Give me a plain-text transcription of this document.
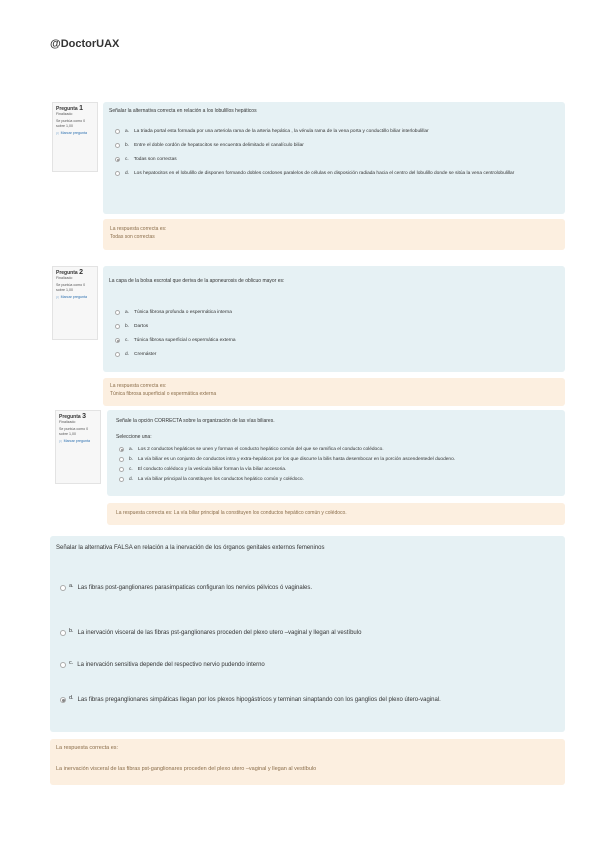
@DoctorUAX
Pregunta 1
Finalizado
Se puntúa como 0 sobre 1,00
⚐ Marcar pregunta
Señalar la alternativa correcta en relación a los lobulillos hepáticos
a. La triada portal esta formada por una arteriola rama de la arteria hepática , la vénula rama de la vena porta y conductillo biliar interlobulillar
b. Entre el doble cordón de hepatocitos se encuentra delimitado el canalículo biliar
c. Todas son correctas
d. Los hepatocitos en el lobulillo de disponen formando dobles cordones paralelos de células en disposición radiada hacia el centro del lobulillo donde se sitúa la vena centrolobulillar
La respuesta correcta es:
Todas son correctas
Pregunta 2
Finalizado
Se puntúa como 0 sobre 1,00
⚐ Marcar pregunta
La capa de la bolsa escrotal que deriva de la aponeurosis de oblicuo mayor es:
a. Túnica fibrosa profunda o espermática interna
b. Dartos
c. Túnica fibrosa superficial o espermática externa
d. Cremáster
La respuesta correcta es:
Túnica fibrosa superficial o espermática externa
Pregunta 3
Finalizado
Se puntúa como 0 sobre 1,00
⚐ Marcar pregunta
Señale la opción CORRECTA sobre la organización de las vías biliares.
Seleccione una:
a. Los 2 conductos hepáticos se unen y forman el conducto hepático común del que se ramifica el conducto colédoco.
b. La vía biliar es un conjunto de conductos intra y extra-hepáticos por los que discurre la bilis hasta desembocar en la porción ascendentedel duodeno.
c. El conducto colédoco y la vesícula biliar forman la vía biliar accesoria.
d. La vía biliar principal la constituyen los conductos hepático común y colédoco.
La respuesta correcta es: La vía biliar principal la constituyen los conductos hepático común y colédoco.
Señalar la alternativa FALSA en relación a la inervación de los órganos genitales externos femeninos
a. Las fibras post-ganglionares parasimpaticas configuran los nervios pélvicos ó vaginales.
b. La inervación visceral de las fibras pst-ganglionares proceden del plexo utero –vaginal y llegan al vestíbulo
c. La inervación sensitiva depende del respectivo nervio pudendo interno
d. Las fibras preganglionares simpáticas llegan por los plexos hipogástricos y terminan sinaptando con los ganglios del plexo útero-vaginal.
La respuesta correcta es:
La inervación visceral de las fibras pst-ganglionares proceden del plexo utero –vaginal y llegan al vestíbulo
